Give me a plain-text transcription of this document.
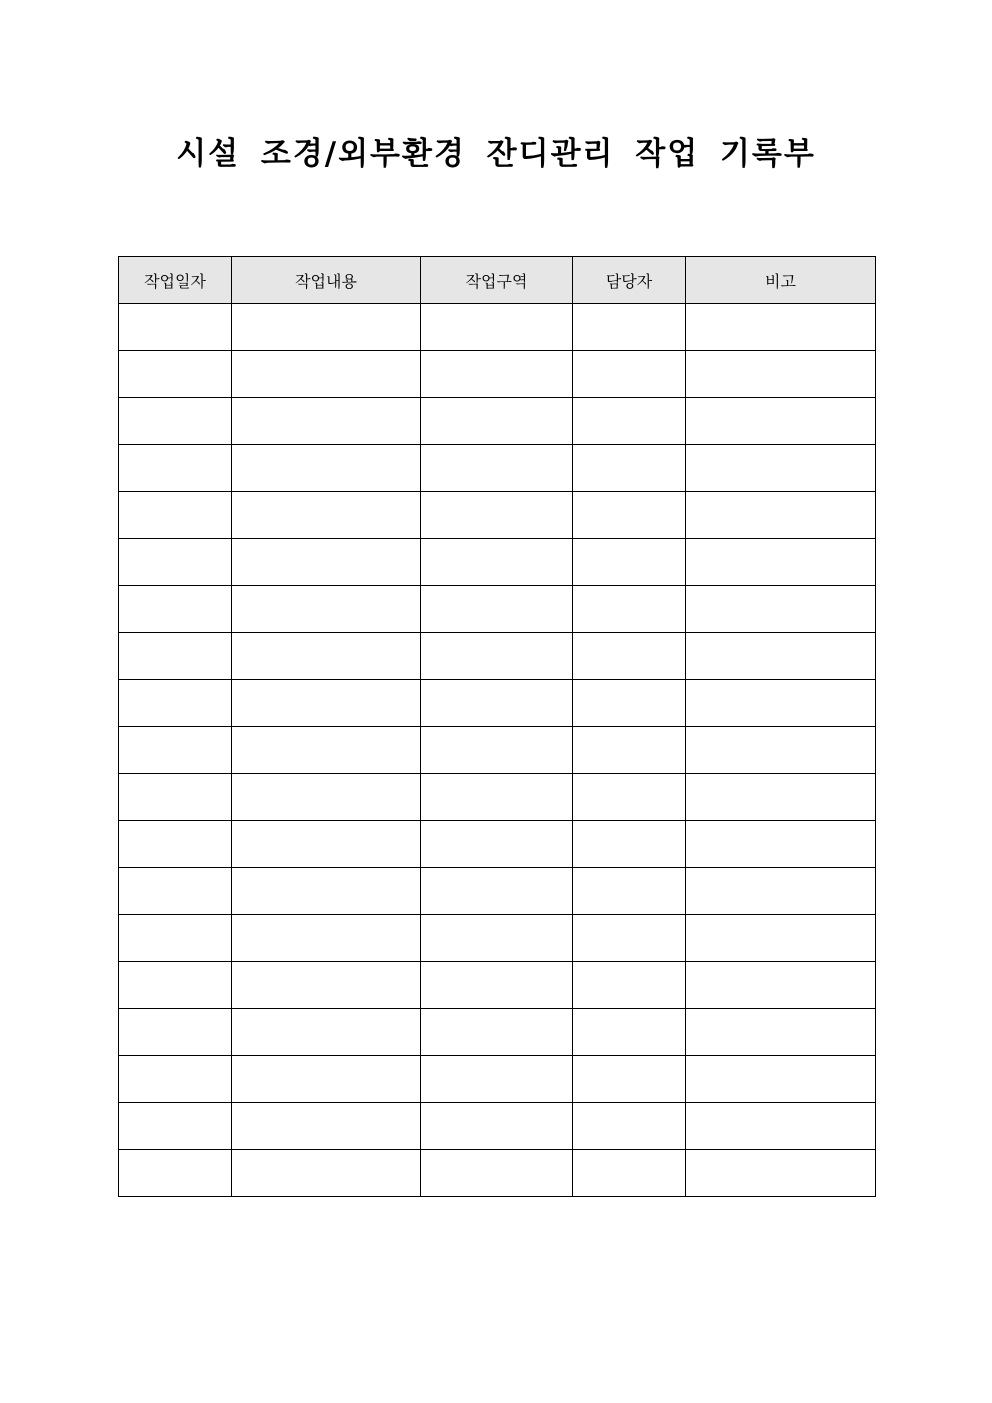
시설 조경/외부환경 잔디관리 작업 기록부
작업일자	작업내용	작업구역	담당자	비고
